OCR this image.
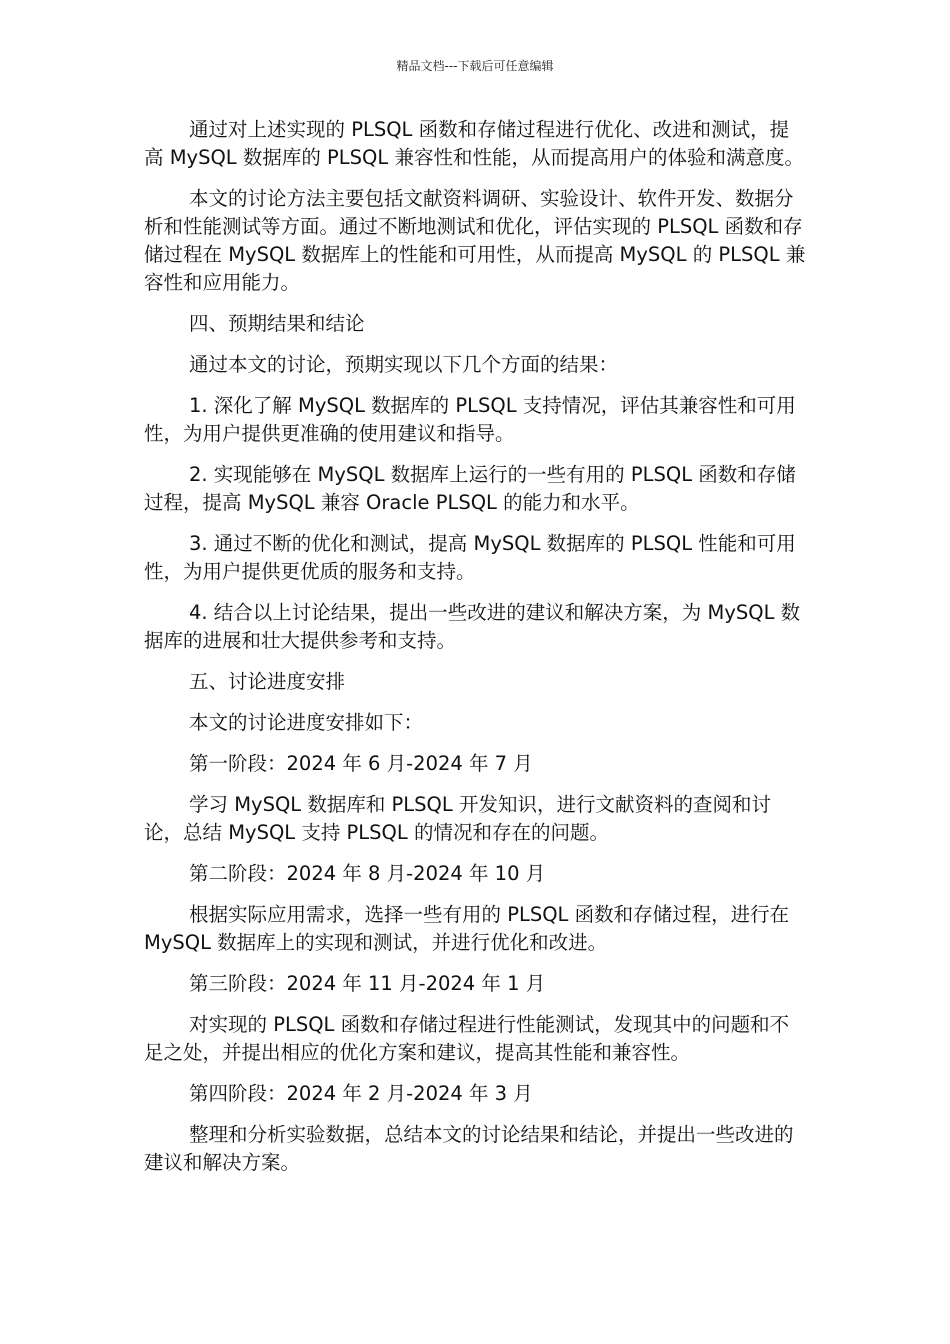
精品文档---下载后可任意编辑

通过对上述实现的 PLSQL 函数和存储过程进行优化、改进和测试，提高 MySQL 数据库的 PLSQL 兼容性和性能，从而提高用户的体验和满意度。

本文的讨论方法主要包括文献资料调研、实验设计、软件开发、数据分析和性能测试等方面。通过不断地测试和优化，评估实现的 PLSQL 函数和存储过程在 MySQL 数据库上的性能和可用性，从而提高 MySQL 的 PLSQL 兼容性和应用能力。

四、预期结果和结论

通过本文的讨论，预期实现以下几个方面的结果：

1. 深化了解 MySQL 数据库的 PLSQL 支持情况，评估其兼容性和可用性，为用户提供更准确的使用建议和指导。

2. 实现能够在 MySQL 数据库上运行的一些有用的 PLSQL 函数和存储过程，提高 MySQL 兼容 Oracle PLSQL 的能力和水平。

3. 通过不断的优化和测试，提高 MySQL 数据库的 PLSQL 性能和可用性，为用户提供更优质的服务和支持。

4. 结合以上讨论结果，提出一些改进的建议和解决方案，为 MySQL 数据库的进展和壮大提供参考和支持。

五、讨论进度安排

本文的讨论进度安排如下：

第一阶段：2024 年 6 月-2024 年 7 月

学习 MySQL 数据库和 PLSQL 开发知识，进行文献资料的查阅和讨论，总结 MySQL 支持 PLSQL 的情况和存在的问题。

第二阶段：2024 年 8 月-2024 年 10 月

根据实际应用需求，选择一些有用的 PLSQL 函数和存储过程，进行在 MySQL 数据库上的实现和测试，并进行优化和改进。

第三阶段：2024 年 11 月-2024 年 1 月

对实现的 PLSQL 函数和存储过程进行性能测试，发现其中的问题和不足之处，并提出相应的优化方案和建议，提高其性能和兼容性。

第四阶段：2024 年 2 月-2024 年 3 月

整理和分析实验数据，总结本文的讨论结果和结论，并提出一些改进的建议和解决方案。
